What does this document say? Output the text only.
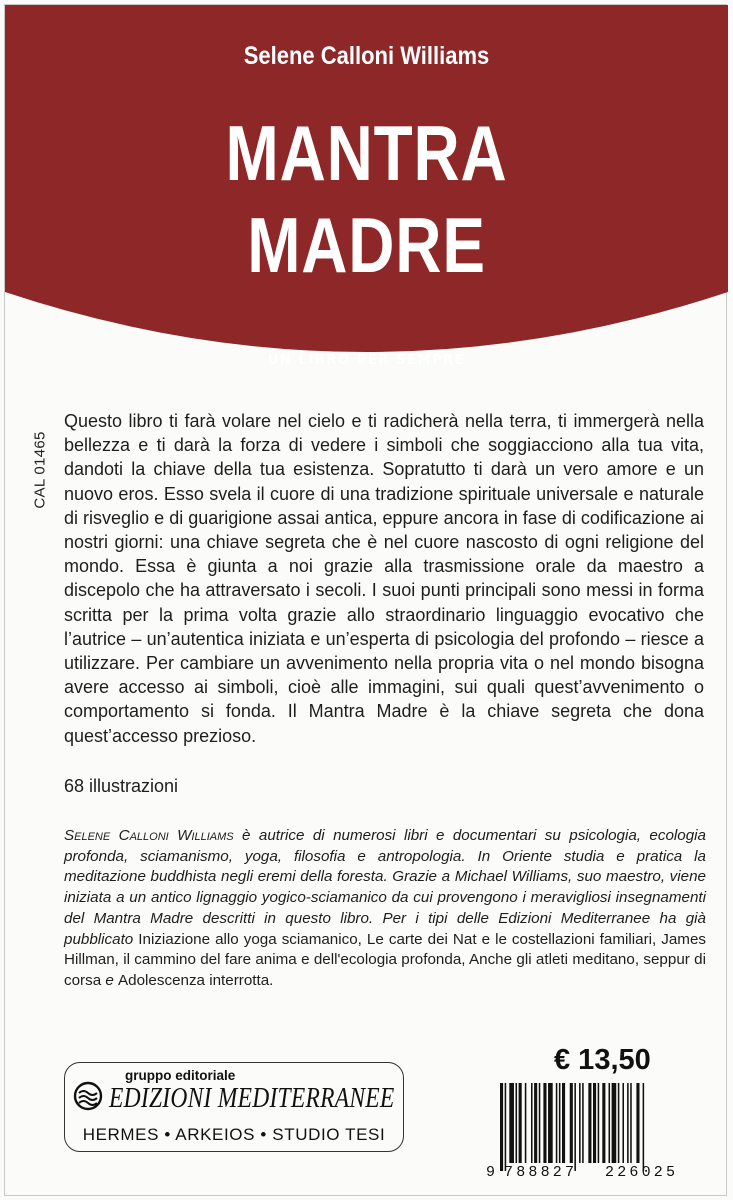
Selene Calloni Williams
MANTRA
MADRE
UN LIBRO PER SEMPRE
CAL 01465
Questo libro ti farà volare nel cielo e ti radicherà nella terra, ti immergerà nella bellezza e ti darà la forza di vedere i simboli che soggiacciono alla tua vita, dandoti la chiave della tua esistenza. Sopratutto ti darà un vero amore e un nuovo eros. Esso svela il cuore di una tradizione spirituale universale e naturale di risveglio e di guarigione assai antica, eppure ancora in fase di codificazione ai nostri giorni: una chiave segreta che è nel cuore nascosto di ogni religione del mondo. Essa è giunta a noi grazie alla trasmissione orale da maestro a discepolo che ha attraversato i secoli. I suoi punti principali sono messi in forma scritta per la prima volta grazie allo straordinario linguaggio evocativo che l’autrice – un’autentica iniziata e un’esperta di psicologia del profondo – riesce a utilizzare. Per cambiare un avvenimento nella propria vita o nel mondo bisogna avere accesso ai simboli, cioè alle immagini, sui quali quest’avvenimento o comportamento si fonda. Il Mantra Madre è la chiave segreta che dona quest’accesso prezioso.
68 illustrazioni
Selene Calloni Williams è autrice di numerosi libri e documentari su psicologia, ecologia profonda, sciamanismo, yoga, filosofia e antropologia. In Oriente studia e pratica la meditazione buddhista negli eremi della foresta. Grazie a Michael Williams, suo maestro, viene iniziata a un antico lignaggio yogico-sciamanico da cui provengono i meravigliosi insegnamenti del Mantra Madre descritti in questo libro. Per i tipi delle Edizioni Mediterranee ha già pubblicato Iniziazione allo yoga sciamanico, Le carte dei Nat e le costellazioni familiari, James Hillman, il cammino del fare anima e dell'ecologia profonda, Anche gli atleti meditano, seppur di corsa e Adolescenza interrotta.
gruppo editoriale
EDIZIONI MEDITERRANEE
HERMES • ARKEIOS • STUDIO TESI
€ 13,50
9 788827 226025
